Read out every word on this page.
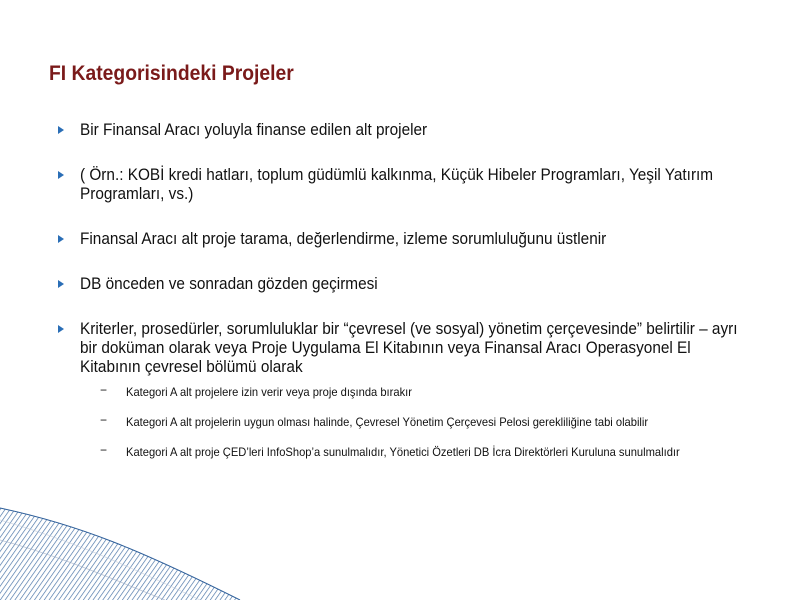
FI Kategorisindeki Projeler
Bir Finansal Aracı yoluyla finanse edilen alt projeler
( Örn.: KOBİ kredi hatları, toplum güdümlü kalkınma, Küçük Hibeler Programları, Yeşil Yatırım Programları, vs.)
Finansal Aracı alt proje tarama, değerlendirme, izleme sorumluluğunu üstlenir
DB önceden ve sonradan gözden geçirmesi
Kriterler, prosedürler, sorumluluklar bir “çevresel (ve sosyal) yönetim çerçevesinde” belirtilir – ayrı bir doküman olarak veya Proje Uygulama El Kitabının veya Finansal Aracı Operasyonel El Kitabının çevresel bölümü olarak
− Kategori A alt projelere izin verir veya proje dışında bırakır
− Kategori A alt projelerin uygun olması halinde, Çevresel Yönetim Çerçevesi Pelosi gerekliliğine tabi olabilir
− Kategori A alt proje ÇED’leri InfoShop’a sunulmalıdır, Yönetici Özetleri DB İcra Direktörleri Kuruluna sunulmalıdır
